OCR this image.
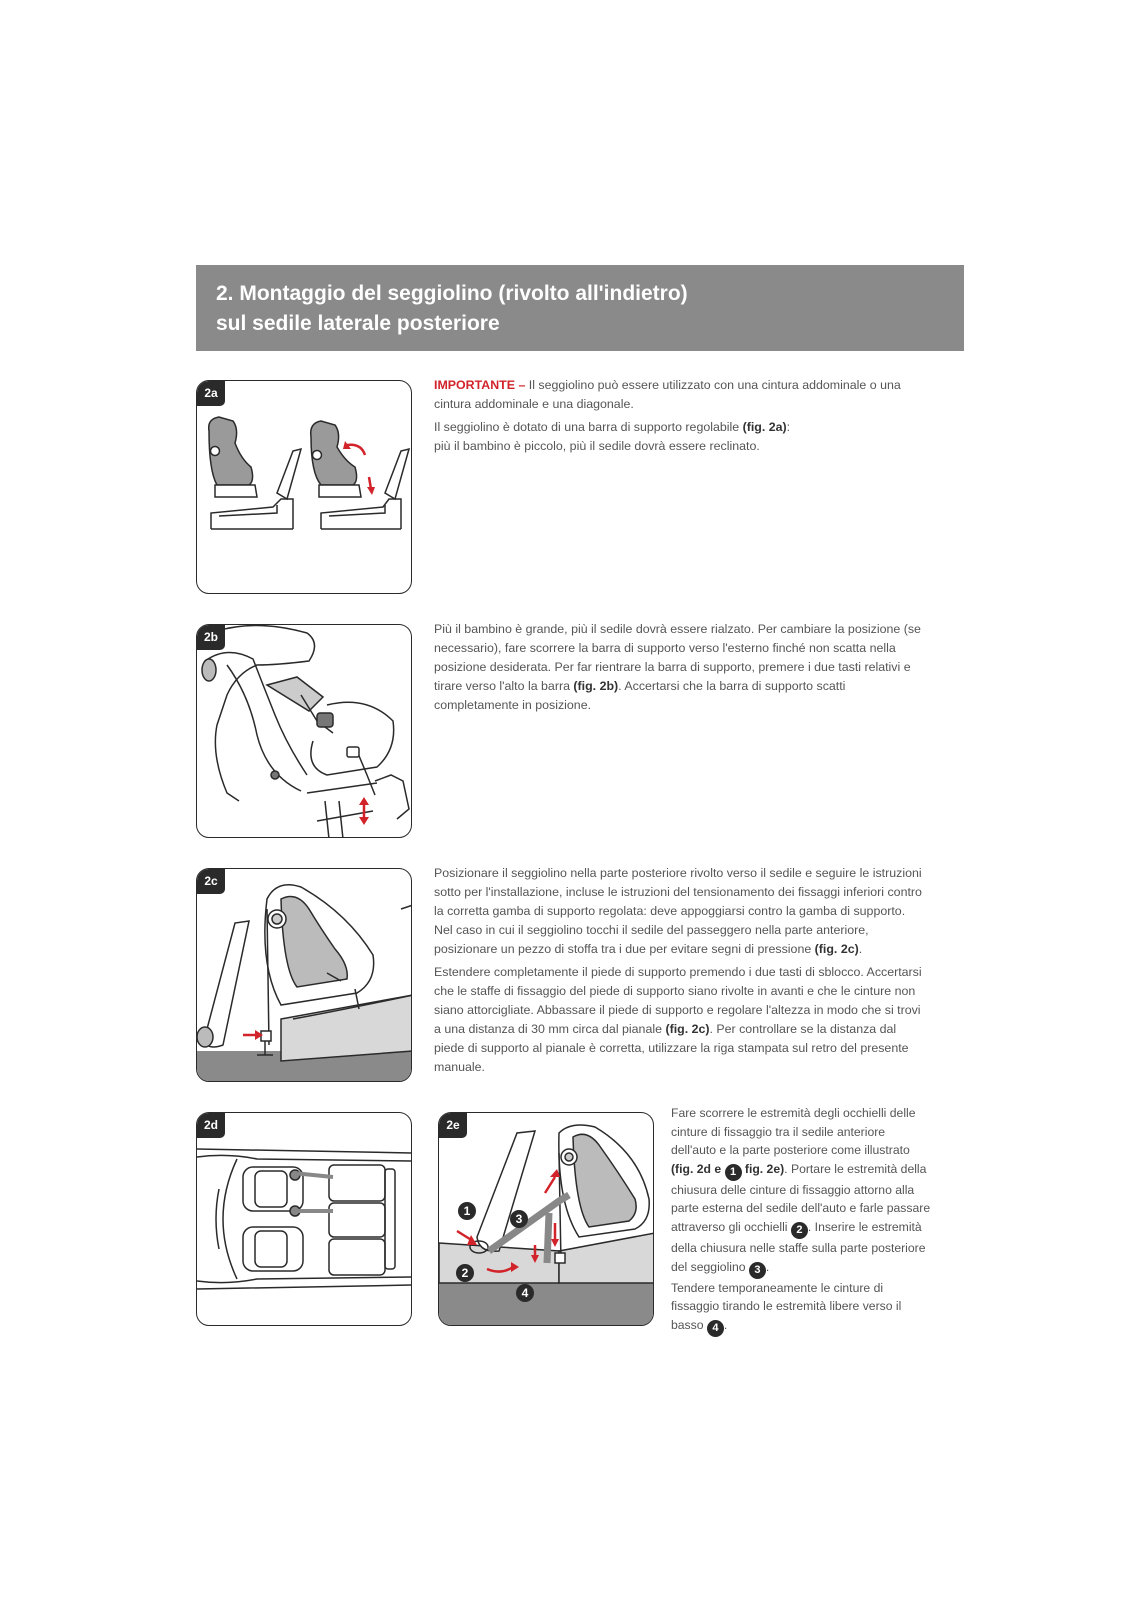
2. Montaggio del seggiolino (rivolto all'indietro)
sul sedile laterale posteriore
2a

IMPORTANTE – Il seggiolino può essere utilizzato con una cintura addominale o una cintura addominale e una diagonale.

Il seggiolino è dotato di una barra di supporto regolabile (fig. 2a):
più il bambino è piccolo, più il sedile dovrà essere reclinato.

2b

Più il bambino è grande, più il sedile dovrà essere rialzato. Per cambiare la posizione (se necessario), fare scorrere la barra di supporto verso l'esterno finché non scatta nella posizione desiderata. Per far rientrare la barra di supporto, premere i due tasti relativi e tirare verso l'alto la barra (fig. 2b). Accertarsi che la barra di supporto scatti completamente in posizione.

2c

Posizionare il seggiolino nella parte posteriore rivolto verso il sedile e seguire le istruzioni sotto per l'installazione, incluse le istruzioni del tensionamento dei fissaggi inferiori contro la corretta gamba di supporto regolata: deve appoggiarsi contro la gamba di supporto. Nel caso in cui il seggiolino tocchi il sedile del passeggero nella parte anteriore, posizionare un pezzo di stoffa tra i due per evitare segni di pressione (fig. 2c).

Estendere completamente il piede di supporto premendo i due tasti di sblocco. Accertarsi che le staffe di fissaggio del piede di supporto siano rivolte in avanti e che le cinture non siano attorcigliate. Abbassare il piede di supporto e regolare l'altezza in modo che si trovi a una distanza di 30 mm circa dal pianale (fig. 2c). Per controllare se la distanza dal piede di supporto al pianale è corretta, utilizzare la riga stampata sul retro del presente manuale.

2d	2e
1
2
3
4

Fare scorrere le estremità degli occhielli delle cinture di fissaggio tra il sedile anteriore dell'auto e la parte posteriore come illustrato (fig. 2d e 1 fig. 2e). Portare le estremità della chiusura delle cinture di fissaggio attorno alla parte esterna del sedile dell'auto e farle passare attraverso gli occhielli 2 . Inserire le estremità della chiusura nelle staffe sulla parte posteriore del seggiolino 3 .
Tendere temporaneamente le cinture di fissaggio tirando le estremità libere verso il basso 4 .
